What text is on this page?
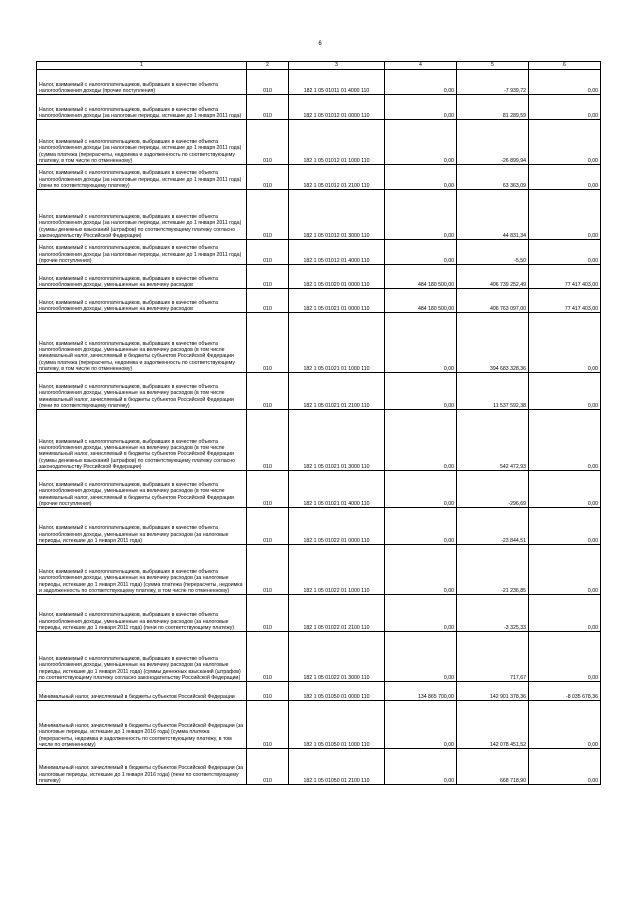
6
1	2	3	4	5	6
Налог, взимаемый с налогоплательщиков, выбравших в качестве объекта налогообложения доходы (прочие поступления)	010	182 1 05 01011 01 4000 110	0,00	-7 939,72	0,00
Налог, взимаемый с налогоплательщиков, выбравших в качестве объекта налогообложения доходы (за налоговые периоды, истекшие до 1 января 2011 года)	010	182 1 05 01012 01 0000 110	0,00	81 289,59	0,00
Налог, взимаемый с налогоплательщиков, выбравших в качестве объекта налогообложения доходы (за налоговые периоды, истекшие до 1 января 2011 года) (сумма платежа (перерасчеты, недоимка и задолженность по соответствующему платежу, в том числе по отмененному)	010	182 1 05 01012 01 1000 110	0,00	-26 899,94	0,00
Налог, взимаемый с налогоплательщиков, выбравших в качестве объекта налогообложения доходы (за налоговые периоды, истекшие до 1 января 2011 года) (пени по соответствующему платежу)	010	182 1 05 01012 01 2100 110	0,00	63 363,09	0,00
Налог, взимаемый с налогоплательщиков, выбравших в качестве объекта налогообложения доходы (за налоговые периоды, истекшие до 1 января 2011 года) (суммы денежных взысканий (штрафов) по соответствующему платежу согласно законодательству Российской Федерации)	010	182 1 05 01012 01 3000 110	0,00	44 831,34	0,00
Налог, взимаемый с налогоплательщиков, выбравших в качестве объекта налогообложения доходы (за налоговые периоды, истекшие до 1 января 2011 года) (прочие поступления)	010	182 1 05 01012 01 4000 110	0,00	-5,50	0,00
Налог, взимаемый с налогоплательщиков, выбравших в качестве объекта налогообложения доходы, уменьшенные на величину расходов	010	182 1 05 01020 01 0000 110	484 180 500,00	406 739 252,49	77 417 403,00
Налог, взимаемый с налогоплательщиков, выбравших в качестве объекта налогообложения доходы, уменьшенные на величину расходов	010	182 1 05 01021 01 0000 110	484 180 500,00	406 763 097,00	77 417 403,00
Налог, взимаемый с налогоплательщиков, выбравших в качестве объекта налогообложения доходы, уменьшенные на величину расходов (в том числе минимальный налог, зачисляемый в бюджеты субъектов Российской Федерации (сумма платежа (перерасчеты, недоимка и задолженность по соответствующему платежу, в том числе по отмененному)	010	182 1 05 01021 01 1000 110	0,00	394 683 328,36	0,00
Налог, взимаемый с налогоплательщиков, выбравших в качестве объекта налогообложения доходы, уменьшенные на величину расходов (в том числе минимальный налог, зачисляемый в бюджеты субъектов Российской Федерации (пени по соответствующему платежу)	010	182 1 05 01021 01 2100 110	0,00	11 537 592,38	0,00
Налог, взимаемый с налогоплательщиков, выбравших в качестве объекта налогообложения доходы, уменьшенные на величину расходов (в том числе минимальный налог, зачисляемый в бюджеты субъектов Российской Федерации (суммы денежных взысканий (штрафов) по соответствующему платежу согласно законодательству Российской Федерации)	010	182 1 05 01021 01 3000 110	0,00	542 472,93	0,00
Налог, взимаемый с налогоплательщиков, выбравших в качестве объекта налогообложения доходы, уменьшенные на величину расходов (в том числе минимальный налог, зачисляемый в бюджеты субъектов Российской Федерации (прочие поступления)	010	182 1 05 01021 01 4000 110	0,00	-296,69	0,00
Налог, взимаемый с налогоплательщиков, выбравших в качестве объекта налогообложения доходы, уменьшенные на величину расходов (за налоговые периоды, истекшие до 1 января 2011 года)	010	182 1 05 01022 01 0000 110	0,00	-23 844,51	0,00
Налог, взимаемый с налогоплательщиков, выбравших в качестве объекта налогообложения доходы, уменьшенные на величину расходов (за налоговые периоды, истекшие до 1 января 2011 года) (сумма платежа (перерасчеты, недоимка и задолженность по соответствующему платежу, в том числе по отмененному)	010	182 1 05 01022 01 1000 110	0,00	-21 236,85	0,00
Налог, взимаемый с налогоплательщиков, выбравших в качестве объекта налогообложения доходы, уменьшенные на величину расходов (за налоговые периоды, истекшие до 1 января 2011 года) (пени по соответствующему платежу)	010	182 1 05 01022 01 2100 110	0,00	-3 325,33	0,00
Налог, взимаемый с налогоплательщиков, выбравших в качестве объекта налогообложения доходы, уменьшенные на величину расходов (за налоговые периоды, истекшие до 1 января 2011 года) (суммы денежных взысканий (штрафов) по соответствующему платежу согласно законодательству Российской Федерации)	010	182 1 05 01022 01 3000 110	0,00	717,67	0,00
Минимальный налог, зачисляемый в бюджеты субъектов Российской Федерации	010	182 1 05 01050 01 0000 110	134 865 700,00	142 901 378,36	-8 035 678,36
Минимальный налог, зачисляемый в бюджеты субъектов Российской Федерации (за налоговые периоды, истекшие до 1 января 2016 года) (сумма платежа (перерасчеты, недоимка и задолженность по соответствующему платежу, в том числе по отмененному)	010	182 1 05 01050 01 1000 110	0,00	142 078 451,52	0,00
Минимальный налог, зачисляемый в бюджеты субъектов Российской Федерации (за налоговые периоды, истекшие до 1 января 2016 года) (пени по соответствующему платежу)	010	182 1 05 01050 01 2100 110	0,00	668 718,90	0,00
